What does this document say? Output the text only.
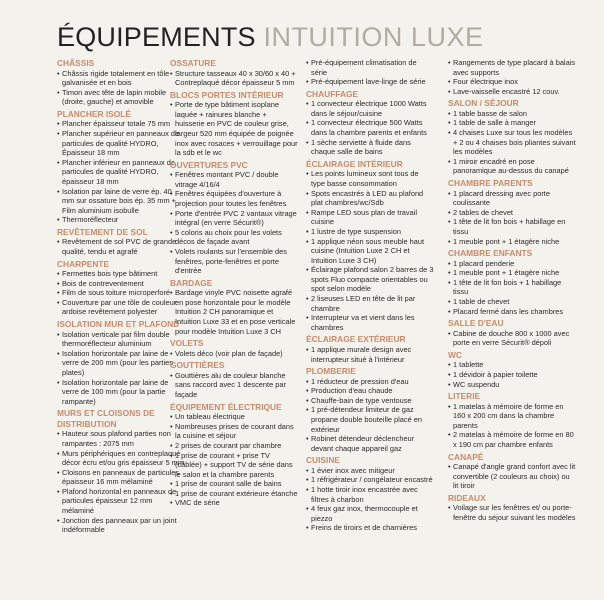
ÉQUIPEMENTS INTUITION LUXE
CHÂSSIS
• Châssis rigide totalement en tôle galvanisée et en bois
• Timon avec tête de lapin mobile (droite, gauche) et amovible
PLANCHER ISOLÉ
• Plancher épaisseur totale 75 mm
• Plancher supérieur en panneaux de particules de qualité HYDRO, Épaisseur 18 mm
• Plancher inférieur en panneaux de particules de qualité HYDRO, épaisseur 18 mm
• Isolation par laine de verre ép. 40 mm sur ossature bois ép. 35 mm + Film aluminium isobulle
• Thermoréflecteur
REVÊTEMENT DE SOL
• Revêtement de sol PVC de grande qualité, tendu et agrafé
CHARPENTE
• Fermettes bois type bâtiment
• Bois de contreventement
• Film de sous toiture microperforé
• Couverture par une tôle de couleur ardoise revêtement polyester
ISOLATION MUR ET PLAFOND
• Isolation verticale par film double thermoréflecteur aluminium
• Isolation horizontale par laine de verre de 200 mm (pour les parties plates)
• Isolation horizontale par laine de verre de 100 mm (pour la partie rampante)
MURS ET CLOISONS DE DISTRIBUTION
• Hauteur sous plafond parties non rampantes : 2075 mm
• Murs périphériques en contreplaqué décor écru et/ou gris épaisseur 5 mm
• Cloisons en panneaux de particules épaisseur 16 mm mélaminé
• Plafond horizontal en panneaux de particules épaisseur 12 mm mélaminé
• Jonction des panneaux par un joint indéformable
OSSATURE
• Structure tasseaux 40 x 30/60 x 40 + Contreplaqué décor épaisseur 5 mm
BLOCS PORTES INTÉRIEUR
• Porte de type bâtiment isoplane laquée + rainures blanche + huisserie en PVC de couleur grise, largeur 520 mm équipée de poignée inox avec rosaces + verrouillage pour la sdb et le wc
OUVERTURES PVC
• Fenêtres montant PVC / double vitrage 4/16/4
• Fenêtres équipées d'ouverture à projection pour toutes les fenêtres
• Porte d'entrée PVC 2 vantaux vitrage intégral (en verre Sécurit®)
• 5 coloris au choix pour les volets décos de façade avant
• Volets roulants sur l'ensemble des fenêtres, porte-fenêtres et porte d'entrée
BARDAGE
• Bardage vinyle PVC noisette agrafé en pose horizontale pour le modèle Intuition 2 CH panoramique et Intuition Luxe 33 et en pose verticale pour modèle Intuition Luxe 3 CH
VOLETS
• Volets déco (voir plan de façade)
GOUTTIÈRES
• Gouttières alu de couleur blanche sans raccord avec 1 descente par façade
ÉQUIPEMENT ÉLECTRIQUE
• Un tableau électrique
• Nombreuses prises de courant dans la cuisine et séjour
• 2 prises de courant par chambre
• 1 prise de courant + prise TV (câblée) + support TV de série dans le salon et la chambre parents
• 1 prise de courant salle de bains
• 1 prise de courant extérieure étanche
• VMC de série
• Pré-équipement climatisation de série
• Pré-équipement lave-linge de série
CHAUFFAGE
• 1 convecteur électrique 1000 Watts dans le séjour/cuisine
• 1 convecteur électrique 500 Watts dans la chambre parents et enfants
• 1 sèche serviette à fluide dans chaque salle de bains
ÉCLAIRAGE INTÉRIEUR
• Les points lumineux sont tous de type basse consommation
• Spots encastrés à LED au plafond plat chambres/wc/Sdb
• Rampe LED sous plan de travail cuisine
• 1 lustre de type suspension
• 1 applique néon sous meuble haut cuisine (Intuition Luxe 2 CH et Intuition Luxe 3 CH)
• Éclairage plafond salon 2 barres de 3 spots Fluo compacte orientables ou spot selon modèle
• 2 liseuses LED en tête de lit par chambre
• Interrupteur va et vient dans les chambres
ÉCLAIRAGE EXTÉRIEUR
• 1 applique murale design avec interrupteur situé à l'intérieur
PLOMBERIE
• 1 réducteur de pression d'eau
• Production d'eau chaude
• Chauffe-bain de type ventouse
• 1 pré-détendeur limiteur de gaz propane double bouteille placé en extérieur
• Robinet détendeur déclencheur devant chaque appareil gaz
CUISINE
• 1 évier inox avec mitigeur
• 1 réfrigérateur / congélateur encastré
• 1 hotte tiroir inox encastrée avec filtres à charbon
• 4 feux gaz inox, thermocouple et piezzo
• Freins de tiroirs et de charnières
• Rangements de type placard à balais avec supports
• Four électrique inox
• Lave-vaisselle encastré 12 couv.
SALON / SÉJOUR
• 1 table basse de salon
• 1 table de salle à manger
• 4 chaises Luxe sur tous les modèles + 2 ou 4 chaises bois pliantes suivant les modèles
• 1 miroir encadré en pose panoramique au-dessus du canapé
CHAMBRE PARENTS
• 1 placard dressing avec porte coulissante
• 2 tables de chevet
• 1 tête de lit fon bois + habillage en tissu
• 1 meuble pont + 1 étagère niche
CHAMBRE ENFANTS
• 1 placard penderie
• 1 meuble pont + 1 étagère niche
• 1 tête de lit fon bois + 1 habillage tissu
• 1 table de chevet
• Placard fermé dans les chambres
SALLE D'EAU
• Cabine de douche 800 x 1000 avec porte en verre Sécurit® dépoli
WC
• 1 tablette
• 1 dévidoir à papier toilette
• WC suspendu
LITERIE
• 1 matelas à mémoire de forme en 160 x 200 cm dans la chambre parents
• 2 matelas à mémoire de forme en 80 x 190 cm par chambre enfants
CANAPÉ
• Canapé d'angle grand confort avec lit convertible (2 couleurs au choix) ou lit tiroir
RIDEAUX
• Voilage sur les fenêtres et/ ou porte-fenêtre du séjour suivant les modèles
